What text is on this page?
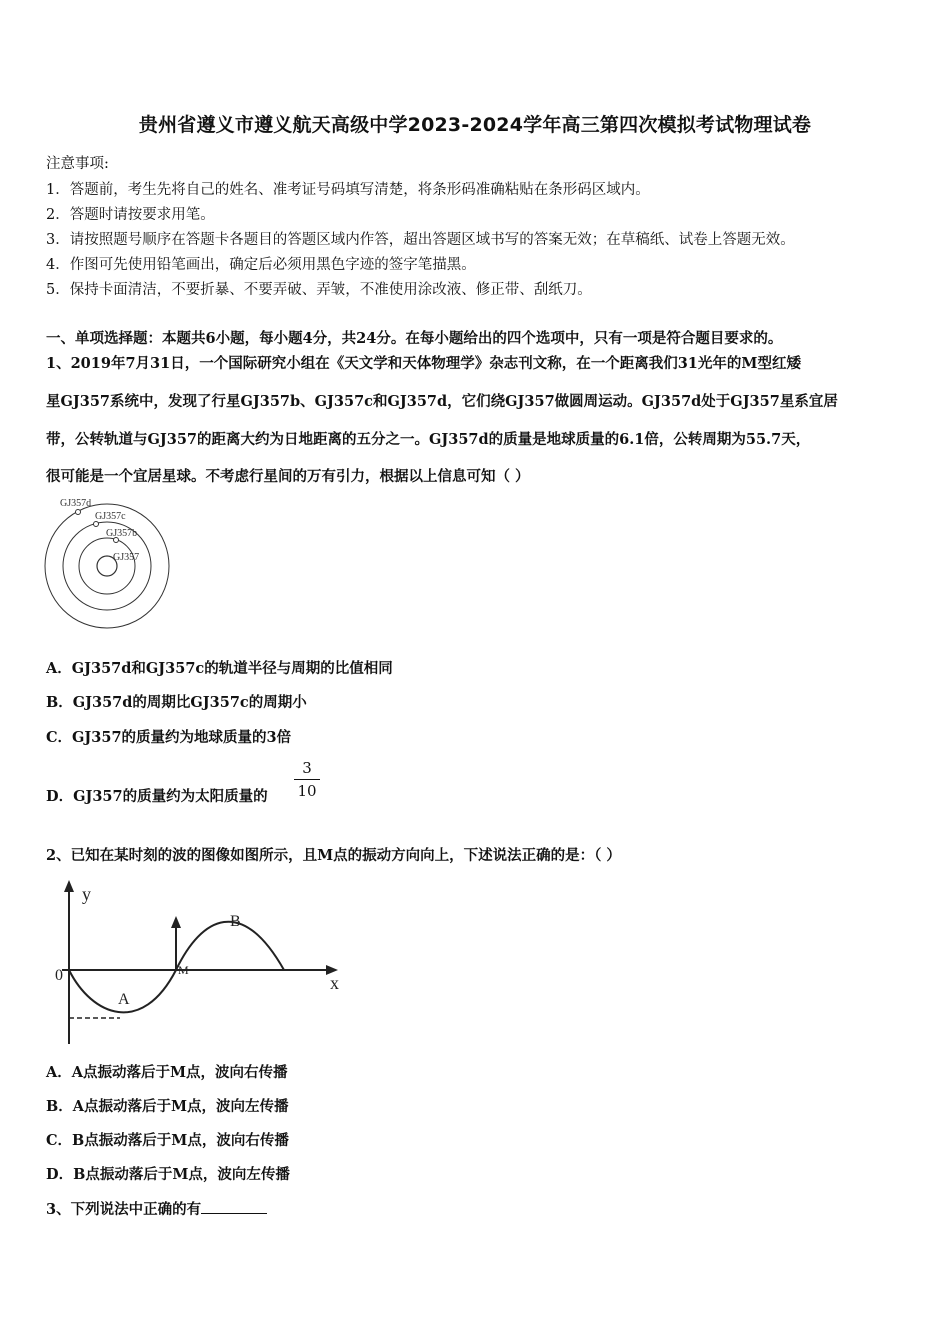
贵州省遵义市遵义航天高级中学2023-2024学年高三第四次模拟考试物理试卷
注意事项:
1．答题前，考生先将自己的姓名、准考证号码填写清楚，将条形码准确粘贴在条形码区域内。
2．答题时请按要求用笔。
3．请按照题号顺序在答题卡各题目的答题区域内作答，超出答题区域书写的答案无效；在草稿纸、试卷上答题无效。
4．作图可先使用铅笔画出，确定后必须用黑色字迹的签字笔描黑。
5．保持卡面清洁，不要折暴、不要弄破、弄皱，不准使用涂改液、修正带、刮纸刀。
一、单项选择题：本题共6小题，每小题4分，共24分。在每小题给出的四个选项中，只有一项是符合题目要求的。
1、2019年7月31日，一个国际研究小组在《天文学和天体物理学》杂志刊文称，在一个距离我们31光年的M型红矮
星GJ357系统中，发现了行星GJ357b、GJ357c和GJ357d，它们绕GJ357做圆周运动。GJ357d处于GJ357星系宜居
带，公转轨道与GJ357的距离大约为日地距离的五分之一。GJ357d的质量是地球质量的6.1倍，公转周期为55.7天，
很可能是一个宜居星球。不考虑行星间的万有引力，根据以上信息可知（ ）
GJ357d
GJ357c
GJ357b
GJ357
A．GJ357d和GJ357c的轨道半径与周期的比值相同
B．GJ357d的周期比GJ357c的周期小
C．GJ357的质量约为地球质量的3倍
D．GJ357的质量约为太阳质量的
3
10
2、已知在某时刻的波的图像如图所示，且M点的振动方向向上，下述说法正确的是：（ ）
y
x
0
A
B
M
A．A点振动落后于M点，波向右传播
B．A点振动落后于M点，波向左传播
C．B点振动落后于M点，波向右传播
D．B点振动落后于M点，波向左传播
3、下列说法中正确的有
